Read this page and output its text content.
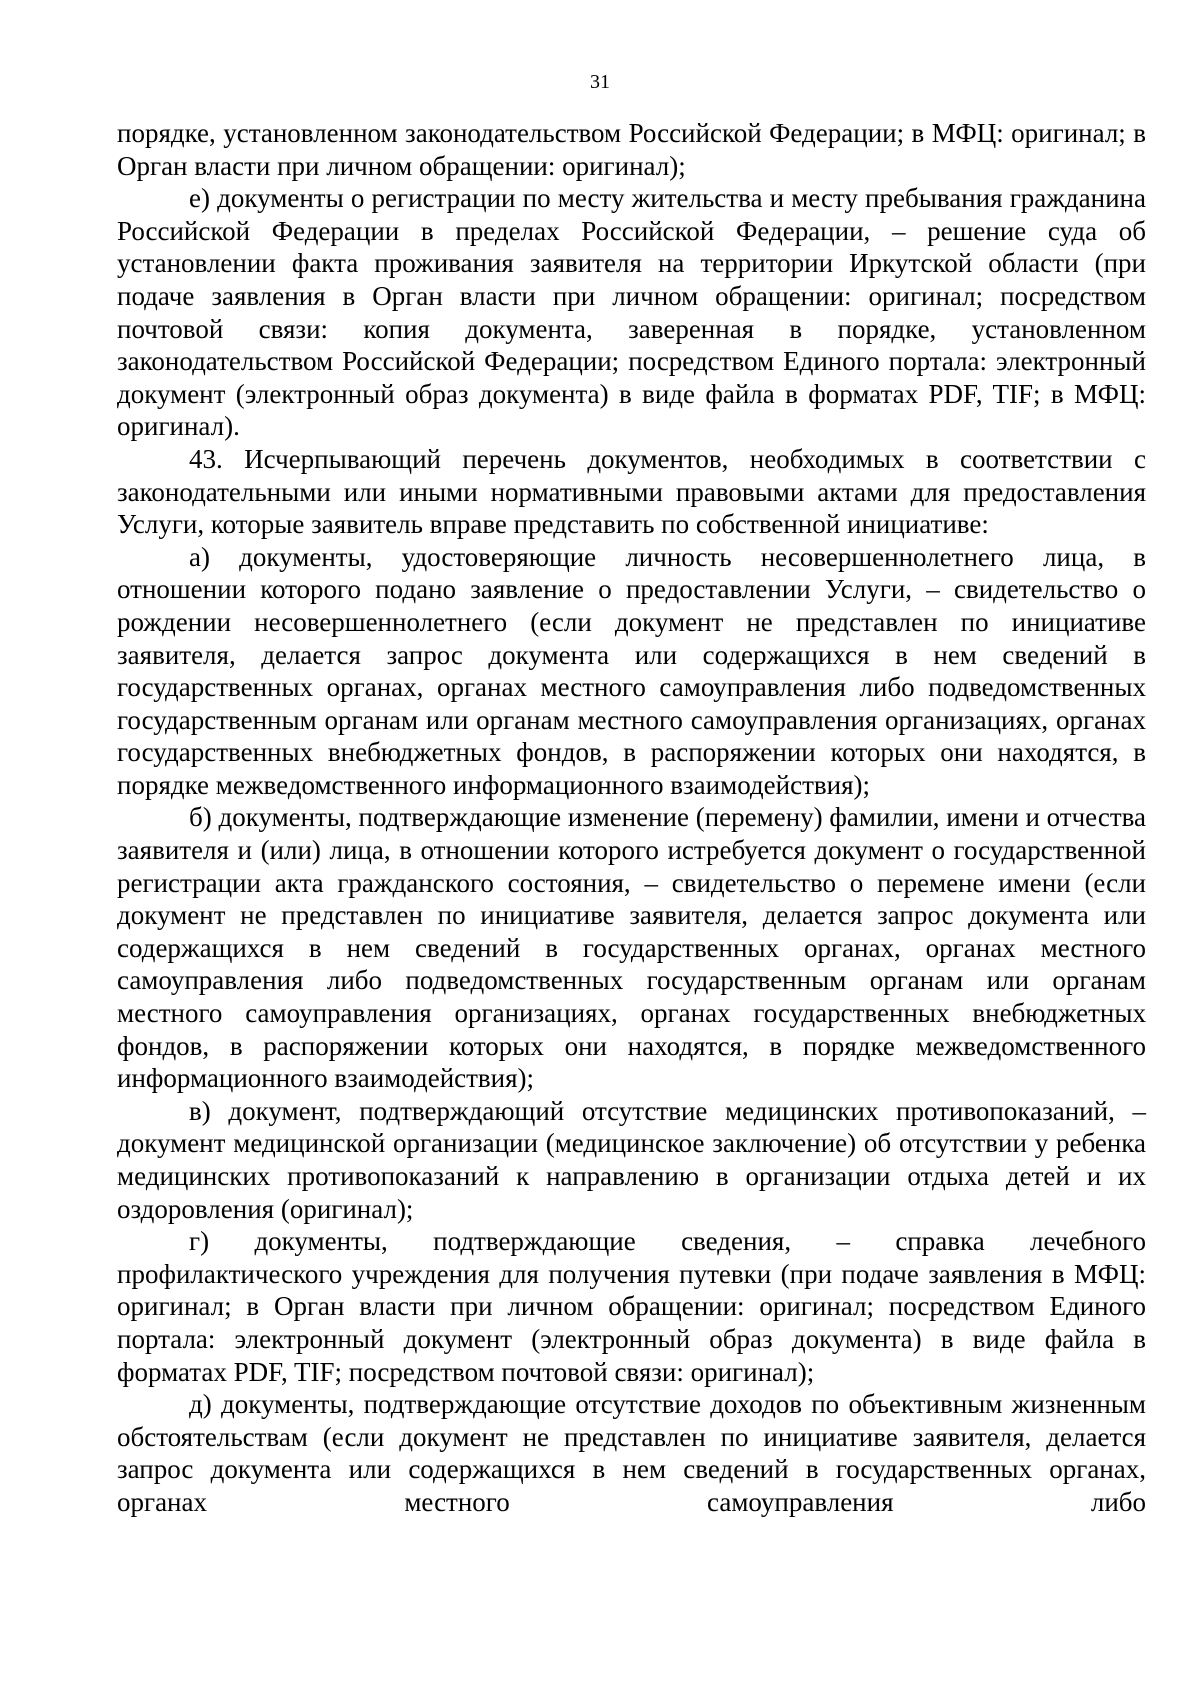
31

порядке, установленном законодательством Российской Федерации; в МФЦ: оригинал; в Орган власти при личном обращении: оригинал);

е) документы о регистрации по месту жительства и месту пребывания гражданина Российской Федерации в пределах Российской Федерации, – решение суда об установлении факта проживания заявителя на территории Иркутской области (при подаче заявления в Орган власти при личном обращении: оригинал; посредством почтовой связи: копия документа, заверенная в порядке, установленном законодательством Российской Федерации; посредством Единого портала: электронный документ (электронный образ документа) в виде файла в форматах PDF, TIF; в МФЦ: оригинал).

43. Исчерпывающий перечень документов, необходимых в соответствии с законодательными или иными нормативными правовыми актами для предоставления Услуги, которые заявитель вправе представить по собственной инициативе:

а) документы, удостоверяющие личность несовершеннолетнего лица, в отношении которого подано заявление о предоставлении Услуги, – свидетельство о рождении несовершеннолетнего (если документ не представлен по инициативе заявителя, делается запрос документа или содержащихся в нем сведений в государственных органах, органах местного самоуправления либо подведомственных государственным органам или органам местного самоуправления организациях, органах государственных внебюджетных фондов, в распоряжении которых они находятся, в порядке межведомственного информационного взаимодействия);

б) документы, подтверждающие изменение (перемену) фамилии, имени и отчества заявителя и (или) лица, в отношении которого истребуется документ о государственной регистрации акта гражданского состояния, – свидетельство о перемене имени (если документ не представлен по инициативе заявителя, делается запрос документа или содержащихся в нем сведений в государственных органах, органах местного самоуправления либо подведомственных государственным органам или органам местного самоуправления организациях, органах государственных внебюджетных фондов, в распоряжении которых они находятся, в порядке межведомственного информационного взаимодействия);

в) документ, подтверждающий отсутствие медицинских противопоказаний, – документ медицинской организации (медицинское заключение) об отсутствии у ребенка медицинских противопоказаний к направлению в организации отдыха детей и их оздоровления (оригинал);

г) документы, подтверждающие сведения, – справка лечебного профилактического учреждения для получения путевки (при подаче заявления в МФЦ: оригинал; в Орган власти при личном обращении: оригинал; посредством Единого портала: электронный документ (электронный образ документа) в виде файла в форматах PDF, TIF; посредством почтовой связи: оригинал);

д) документы, подтверждающие отсутствие доходов по объективным жизненным обстоятельствам (если документ не представлен по инициативе заявителя, делается запрос документа или содержащихся в нем сведений в государственных органах, органах местного самоуправления либо
